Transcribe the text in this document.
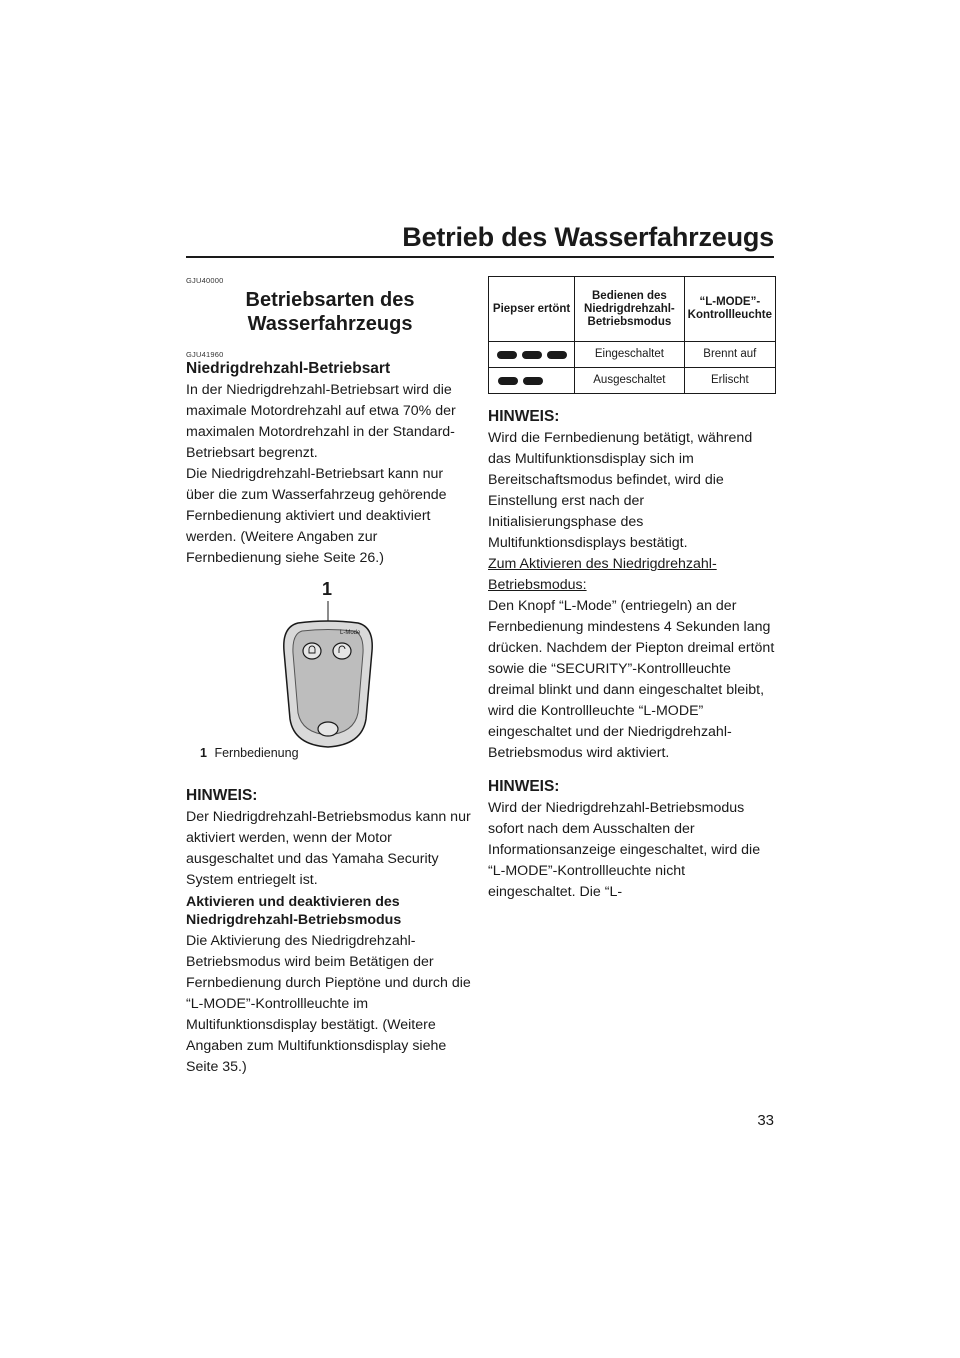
Betrieb des Wasserfahrzeugs
GJU40000
Betriebsarten des
Wasserfahrzeugs
GJU41960
Niedrigdrehzahl-Betriebsart

In der Niedrigdrehzahl-Betriebsart wird die maximale Motordrehzahl auf etwa 70% der maximalen Motordrehzahl in der Standard-Betriebsart begrenzt.

Die Niedrigdrehzahl-Betriebsart kann nur über die zum Wasserfahrzeug gehörende Fernbedienung aktiviert und deaktiviert werden. (Weitere Angaben zur Fernbedienung siehe Seite 26.)

1
L-Mode
1 Fernbedienung
HINWEIS:

Der Niedrigdrehzahl-Betriebsmodus kann nur aktiviert werden, wenn der Motor ausgeschaltet und das Yamaha Security System entriegelt ist.

Aktivieren und deaktivieren des Niedrigdrehzahl-Betriebsmodus

Die Aktivierung des Niedrigdrehzahl-Betriebsmodus wird beim Betätigen der Fernbedienung durch Pieptöne und durch die “L-MODE”-Kontrollleuchte im Multifunktionsdisplay bestätigt. (Weitere Angaben zum Multifunktionsdisplay siehe Seite 35.)

Piepser ertönt	Bedienen des Niedrigdrehzahl-Betriebsmodus	“L-MODE”-Kontrollleuchte

	Eingeschaltet	Brennt auf

	Ausgeschaltet	Erlischt
HINWEIS:

Wird die Fernbedienung betätigt, während das Multifunktionsdisplay sich im Bereitschaftsmodus befindet, wird die Einstellung erst nach der Initialisierungsphase des Multifunktionsdisplays bestätigt.

Zum Aktivieren des Niedrigdrehzahl-Betriebsmodus:

Den Knopf “L-Mode” (entriegeln) an der Fernbedienung mindestens 4 Sekunden lang drücken. Nachdem der Piepton dreimal ertönt sowie die “SECURITY”-Kontrollleuchte dreimal blinkt und dann eingeschaltet bleibt, wird die Kontrollleuchte “L-MODE” eingeschaltet und der Niedrigdrehzahl-Betriebsmodus wird aktiviert.

HINWEIS:

Wird der Niedrigdrehzahl-Betriebsmodus sofort nach dem Ausschalten der Informationsanzeige eingeschaltet, wird die “L-MODE”-Kontrollleuchte nicht eingeschaltet. Die “L-

33
